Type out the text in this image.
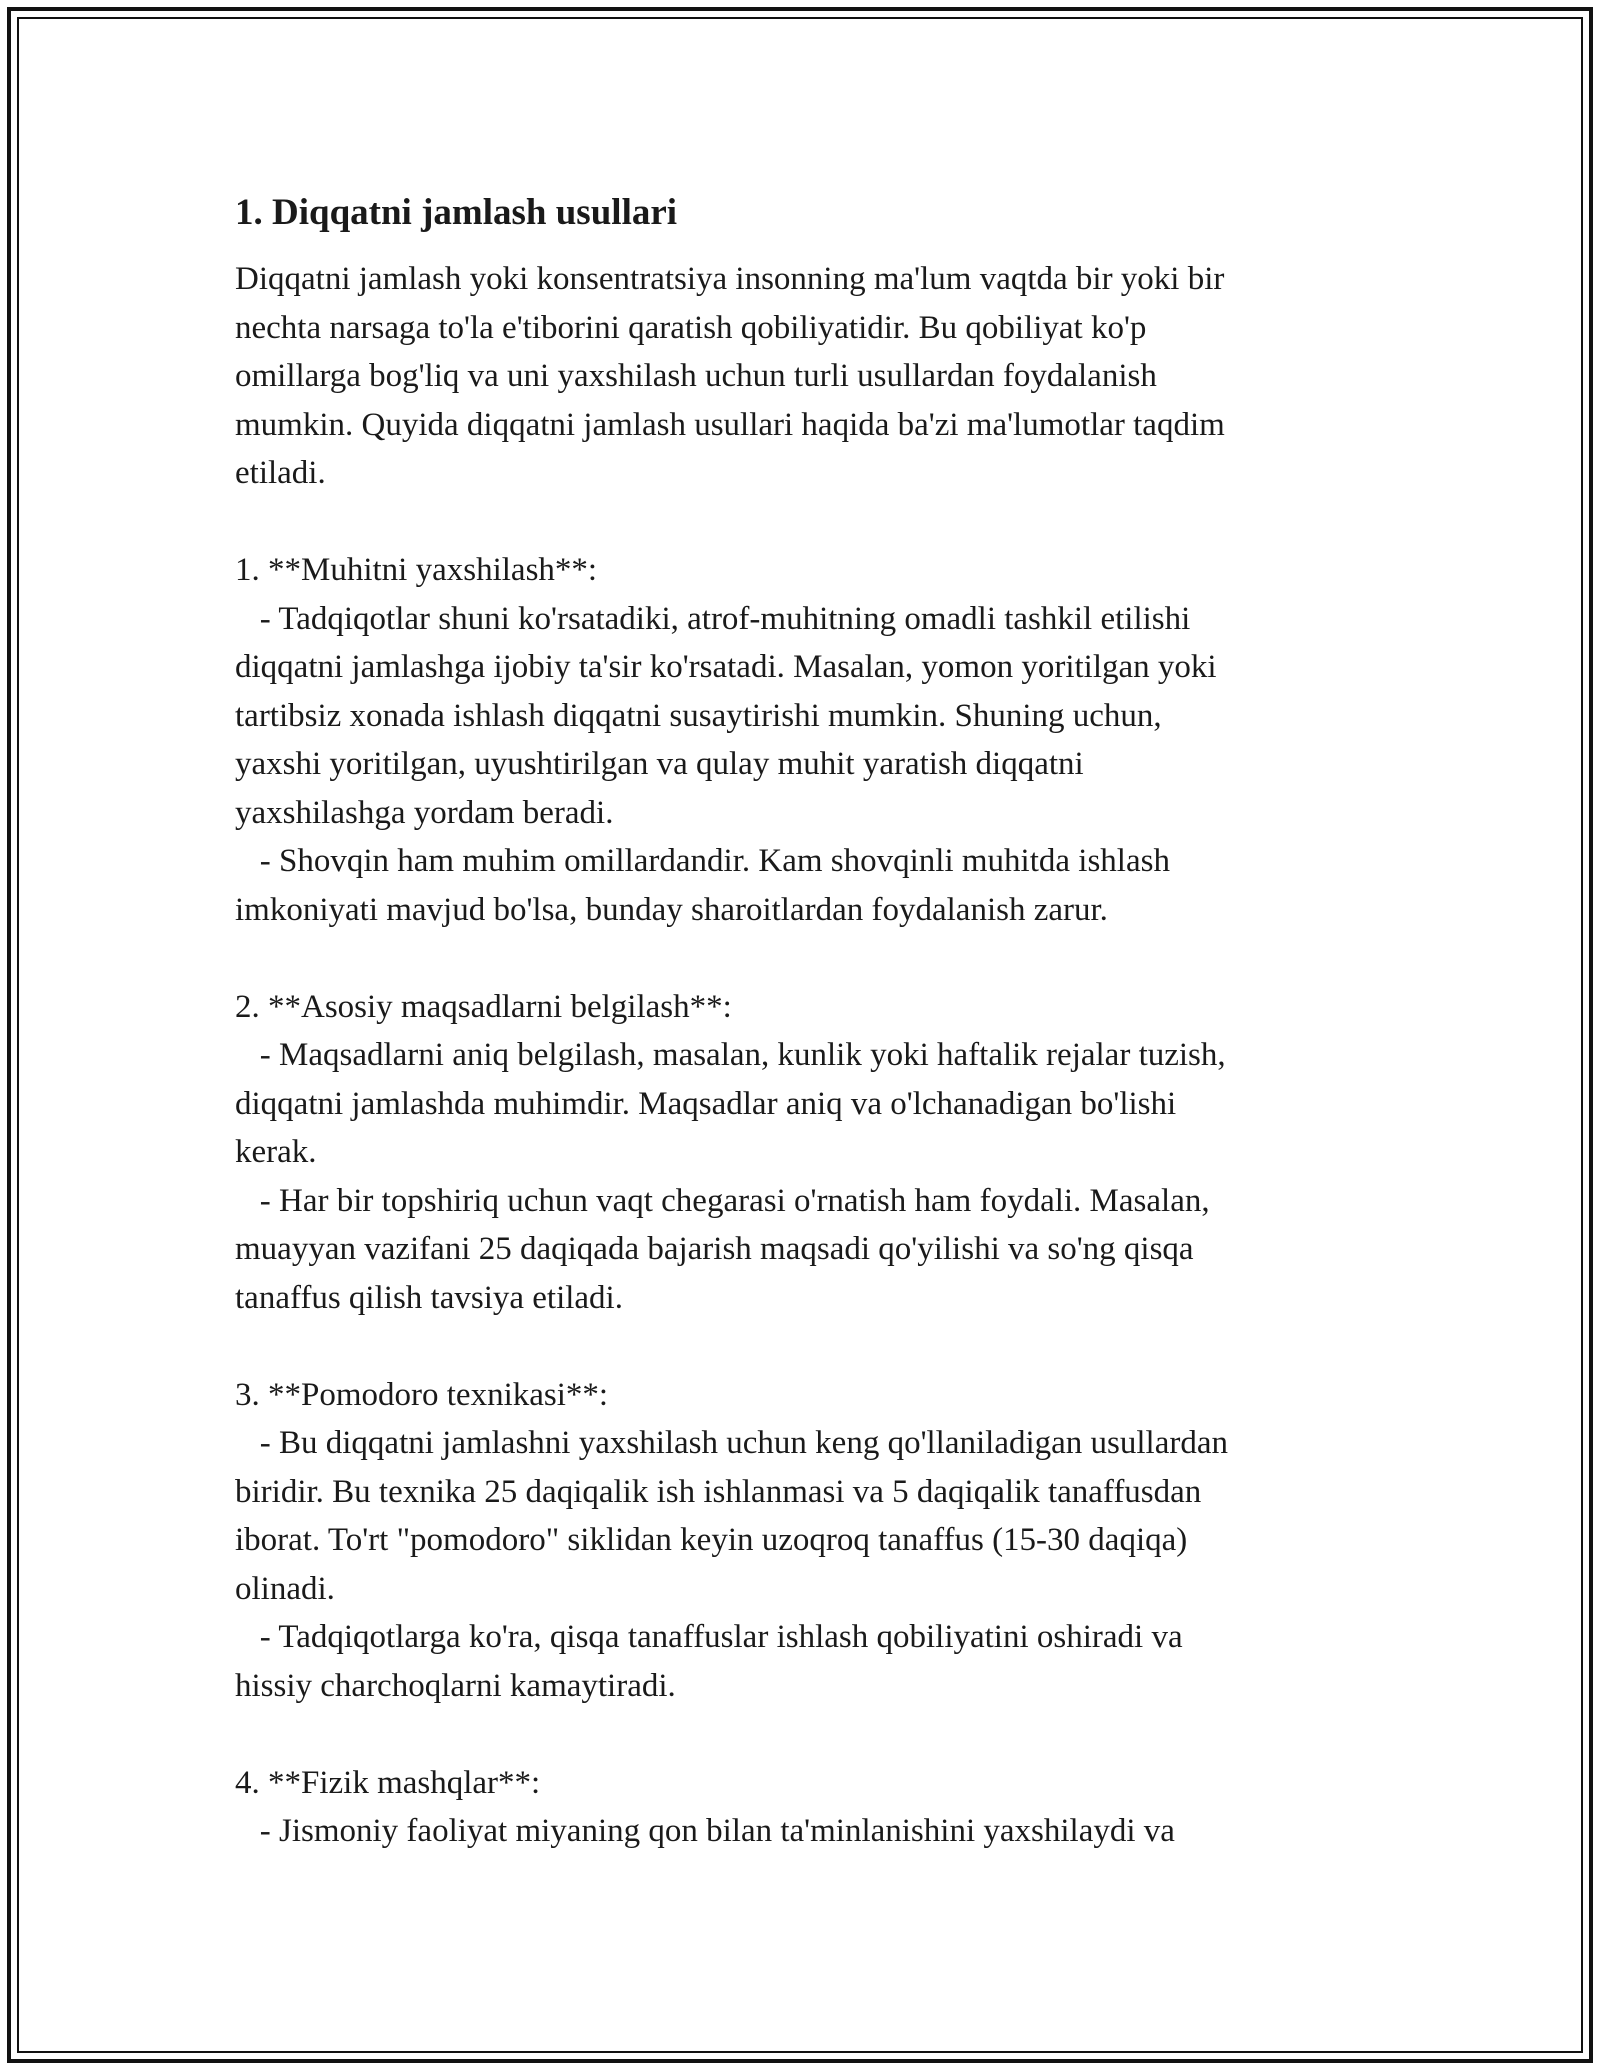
1. Diqqatni jamlash usullari
Diqqatni jamlash yoki konsentratsiya insonning ma'lum vaqtda bir yoki bir
nechta narsaga to'la e'tiborini qaratish qobiliyatidir. Bu qobiliyat ko'p
omillarga bog'liq va uni yaxshilash uchun turli usullardan foydalanish
mumkin. Quyida diqqatni jamlash usullari haqida ba'zi ma'lumotlar taqdim
etiladi.
1. **Muhitni yaxshilash**:
- Tadqiqotlar shuni ko'rsatadiki, atrof-muhitning omadli tashkil etilishi
diqqatni jamlashga ijobiy ta'sir ko'rsatadi. Masalan, yomon yoritilgan yoki
tartibsiz xonada ishlash diqqatni susaytirishi mumkin. Shuning uchun,
yaxshi yoritilgan, uyushtirilgan va qulay muhit yaratish diqqatni
yaxshilashga yordam beradi.
- Shovqin ham muhim omillardandir. Kam shovqinli muhitda ishlash
imkoniyati mavjud bo'lsa, bunday sharoitlardan foydalanish zarur.
2. **Asosiy maqsadlarni belgilash**:
- Maqsadlarni aniq belgilash, masalan, kunlik yoki haftalik rejalar tuzish,
diqqatni jamlashda muhimdir. Maqsadlar aniq va o'lchanadigan bo'lishi
kerak.
- Har bir topshiriq uchun vaqt chegarasi o'rnatish ham foydali. Masalan,
muayyan vazifani 25 daqiqada bajarish maqsadi qo'yilishi va so'ng qisqa
tanaffus qilish tavsiya etiladi.
3. **Pomodoro texnikasi**:
- Bu diqqatni jamlashni yaxshilash uchun keng qo'llaniladigan usullardan
biridir. Bu texnika 25 daqiqalik ish ishlanmasi va 5 daqiqalik tanaffusdan
iborat. To'rt "pomodoro" siklidan keyin uzoqroq tanaffus (15-30 daqiqa)
olinadi.
- Tadqiqotlarga ko'ra, qisqa tanaffuslar ishlash qobiliyatini oshiradi va
hissiy charchoqlarni kamaytiradi.
4. **Fizik mashqlar**:
- Jismoniy faoliyat miyaning qon bilan ta'minlanishini yaxshilaydi va
